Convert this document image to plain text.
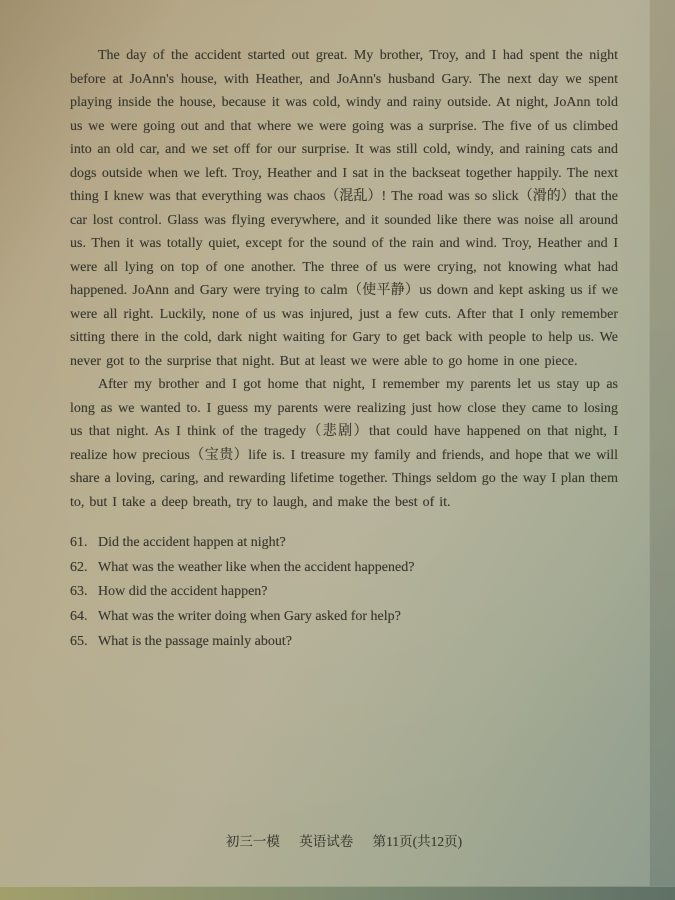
The day of the accident started out great. My brother, Troy, and I had spent the night before at JoAnn's house, with Heather, and JoAnn's husband Gary. The next day we spent playing inside the house, because it was cold, windy and rainy outside. At night, JoAnn told us we were going out and that where we were going was a surprise. The five of us climbed into an old car, and we set off for our surprise. It was still cold, windy, and raining cats and dogs outside when we left. Troy, Heather and I sat in the backseat together happily. The next thing I knew was that everything was chaos（混乱）! The road was so slick（滑的）that the car lost control. Glass was flying everywhere, and it sounded like there was noise all around us. Then it was totally quiet, except for the sound of the rain and wind. Troy, Heather and I were all lying on top of one another. The three of us were crying, not knowing what had happened. JoAnn and Gary were trying to calm（使平静）us down and kept asking us if we were all right. Luckily, none of us was injured, just a few cuts. After that I only remember sitting there in the cold, dark night waiting for Gary to get back with people to help us. We never got to the surprise that night. But at least we were able to go home in one piece.

After my brother and I got home that night, I remember my parents let us stay up as long as we wanted to. I guess my parents were realizing just how close they came to losing us that night. As I think of the tragedy（悲剧）that could have happened on that night, I realize how precious（宝贵）life is. I treasure my family and friends, and hope that we will share a loving, caring, and rewarding lifetime together. Things seldom go the way I plan them to, but I take a deep breath, try to laugh, and make the best of it.

61. Did the accident happen at night?
62. What was the weather like when the accident happened?
63. How did the accident happen?
64. What was the writer doing when Gary asked for help?
65. What is the passage mainly about?
初三一模 英语试卷 第11页(共12页)
